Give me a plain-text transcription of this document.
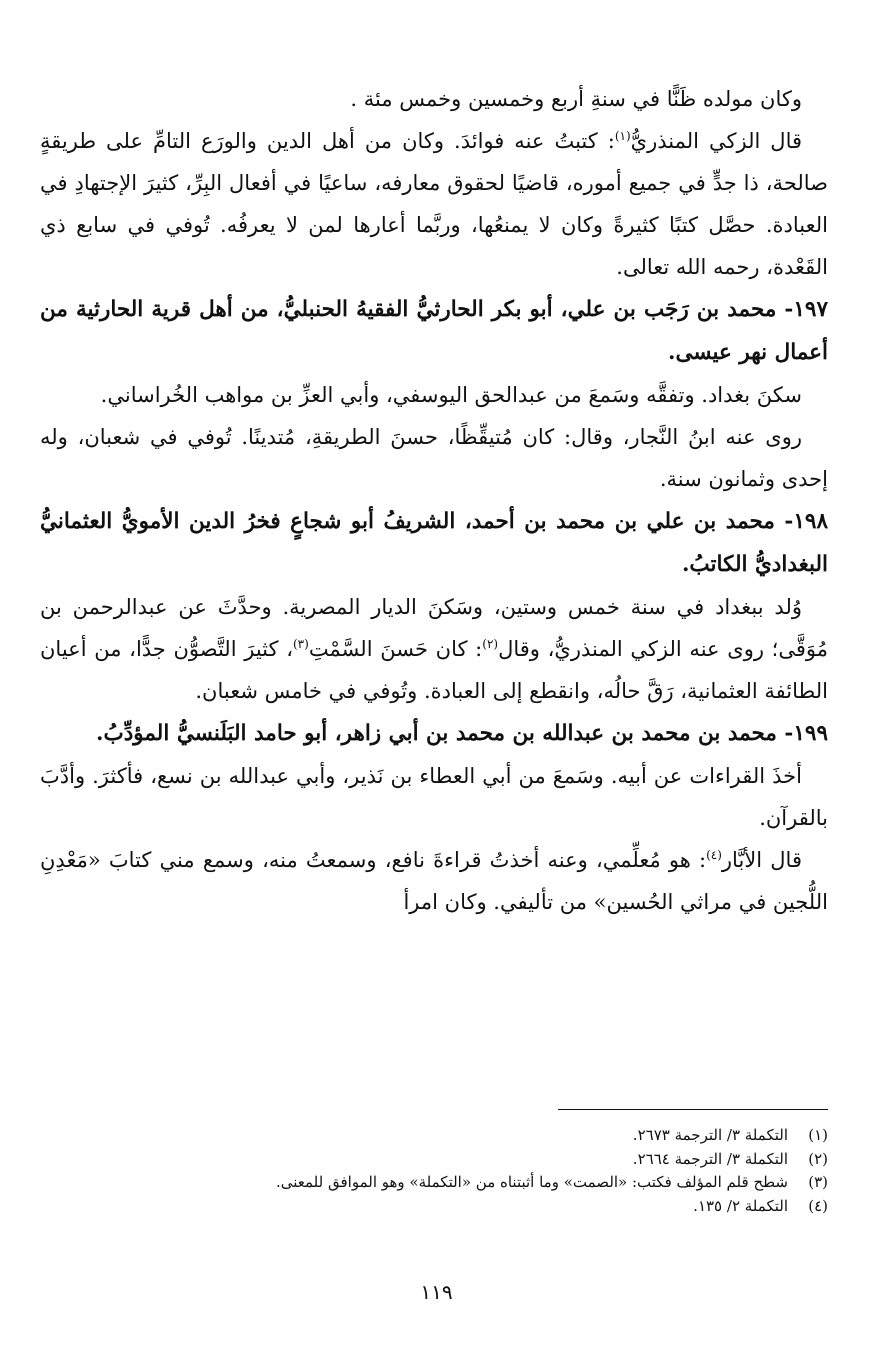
وكان مولده ظَنًّا في سنةِ أربع وخمسين وخمس مئة .

قال الزكي المنذريُّ$^{(١)}$: كتبتُ عنه فوائدَ. وكان من أهل الدين والورَع التامِّ على طريقةٍ صالحة، ذا جدٍّ في جميع أموره، قاضيًا لحقوق معارفه، ساعيًا في أفعال البِرِّ، كثيرَ الإجتهادِ في العبادة. حصَّل كتبًا كثيرةً وكان لا يمنعُها، وربَّما أعارها لمن لا يعرفُه. تُوفي في سابع ذي القَعْدة، رحمه الله تعالى.

١٩٧- محمد بن رَجَب بن علي، أبو بكر الحارثيُّ الفقيهُ الحنبليُّ، من أهل قرية الحارثية من أعمال نهر عيسى.

سكنَ بغداد. وتفقَّه وسَمعَ من عبدالحق اليوسفي، وأبي العزِّ بن مواهب الخُراساني.

روى عنه ابنُ النَّجار، وقال: كان مُتيقِّظًا، حسنَ الطريقةِ، مُتدينًا. تُوفي في شعبان، وله إحدى وثمانون سنة.

١٩٨- محمد بن علي بن محمد بن أحمد، الشريفُ أبو شجاعٍ فخرُ الدين الأمويُّ العثمانيُّ البغداديُّ الكاتبُ.

وُلد ببغداد في سنة خمس وستين، وسَكنَ الديار المصرية. وحدَّثَ عن عبدالرحمن بن مُوَقَّى؛ روى عنه الزكي المنذريُّ، وقال$^{(٢)}$: كان حَسنَ السَّمْتِ$^{(٣)}$، كثيرَ التَّصوُّن جدًّا، من أعيان الطائفة العثمانية، رَقَّ حالُه، وانقطع إلى العبادة. وتُوفي في خامس شعبان.

١٩٩- محمد بن محمد بن عبدالله بن محمد بن أبي زاهر، أبو حامد البَلَنسيُّ المؤدِّبُ.

أخذَ القراءات عن أبيه. وسَمعَ من أبي العطاء بن نَذير، وأبي عبدالله بن نسع، فأكثرَ. وأدَّبَ بالقرآن.

قال الأبَّار$^{(٤)}$: هو مُعلِّمي، وعنه أخذتُ قراءةَ نافع، وسمعتُ منه، وسمع مني كتابَ «مَعْدِنِ اللُّجين في مراثي الحُسين» من تأليفي. وكان امرأ

(١)
التكملة ٣/ الترجمة ٢٦٧٣.

(٢)
التكملة ٣/ الترجمة ٢٦٦٤.

(٣)
شطح قلم المؤلف فكتب: «الصمت» وما أثبتناه من «التكملة» وهو الموافق للمعنى.

(٤)
التكملة ٢/ ١٣٥.

١١٩
